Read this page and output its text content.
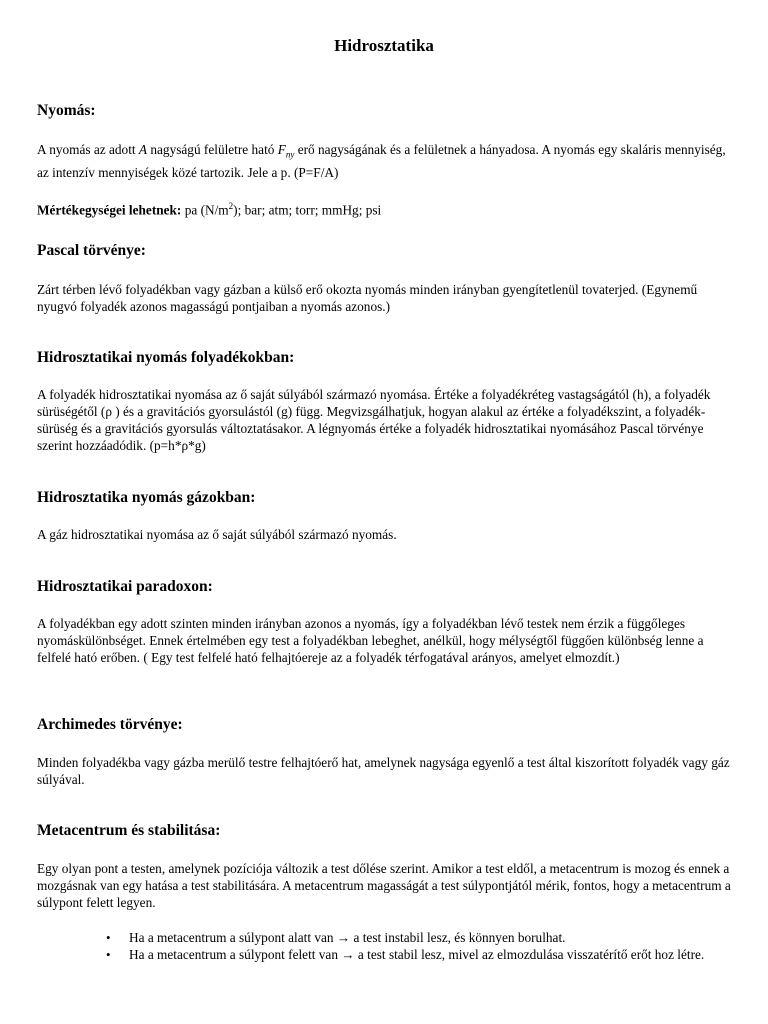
Hidrosztatika
Nyomás:

A nyomás az adott A nagyságú felületre ható $F_{ny}$ erő nagyságának és a felületnek a hányadosa. A nyomás egy skaláris mennyiség, az intenzív mennyiségek közé tartozik. Jele a p. (P=F/A)

Mértékegységei lehetnek: pa $(N/m^2)$; bar; atm; torr; mmHg; psi

Pascal törvénye:

Zárt térben lévő folyadékban vagy gázban a külső erő okozta nyomás minden irányban gyengítetlenül tovaterjed. (Egynemű nyugvó folyadék azonos magasságú pontjaiban a nyomás azonos.)

Hidrosztatikai nyomás folyadékokban:

A folyadék hidrosztatikai nyomása az ő saját súlyából származó nyomása. Értéke a folyadékréteg vastagságától (h), a folyadék sürüségétől (ρ ) és a gravitációs gyorsulástól (g) függ. Megvizsgálhatjuk, hogyan alakul az értéke a folyadékszint, a folyadék-sürüség és a gravitációs gyorsulás változtatásakor. A légnyomás értéke a folyadék hidrosztatikai nyomásához Pascal törvénye szerint hozzáadódik. (p=h*ρ*g)

Hidrosztatika nyomás gázokban:

A gáz hidrosztatikai nyomása az ő saját súlyából származó nyomás.

Hidrosztatikai paradoxon:

A folyadékban egy adott szinten minden irányban azonos a nyomás, így a folyadékban lévő testek nem érzik a függőleges nyomáskülönbséget. Ennek értelmében egy test a folyadékban lebeghet, anélkül, hogy mélységtől függően különbség lenne a felfelé ható erőben. ( Egy test felfelé ható felhajtóereje az a folyadék térfogatával arányos, amelyet elmozdít.)

Archimedes törvénye:

Minden folyadékba vagy gázba merülő testre felhajtóerő hat, amelynek nagysága egyenlő a test által kiszorított folyadék vagy gáz súlyával.

Metacentrum és stabilitása:

Egy olyan pont a testen, amelynek pozíciója változik a test dőlése szerint. Amikor a test eldől, a metacentrum is mozog és ennek a mozgásnak van egy hatása a test stabilitására. A metacentrum magasságát a test súlypontjától mérik, fontos, hogy a metacentrum a súlypont felett legyen.

• Ha a metacentrum a súlypont alatt van → a test instabil lesz, és könnyen borulhat.
• Ha a metacentrum a súlypont felett van → a test stabil lesz, mivel az elmozdulása visszatérítő erőt hoz létre.
